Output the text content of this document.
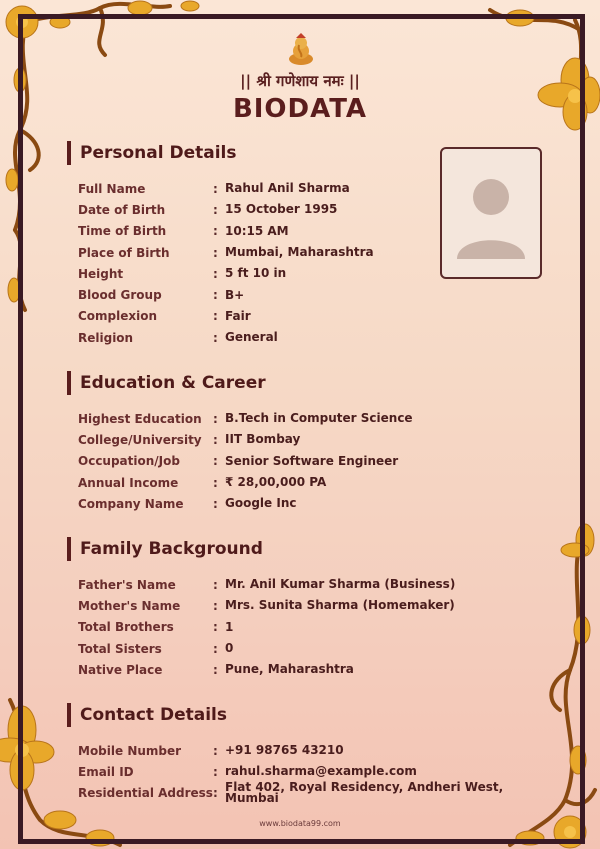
|| श्री गणेशाय नमः ||
BIODATA
Personal Details
Full Name	: Rahul Anil Sharma
Date of Birth	: 15 October 1995
Time of Birth	: 10:15 AM
Place of Birth	: Mumbai, Maharashtra
Height	: 5 ft 10 in
Blood Group	: B+
Complexion	: Fair
Religion	: General
Education & Career
Highest Education : B.Tech in Computer Science
College/University : IIT Bombay
Occupation/Job	: Senior Software Engineer
Annual Income	: ₹ 28,00,000 PA
Company Name	: Google Inc
Family Background
Father's Name	: Mr. Anil Kumar Sharma (Business)
Mother's Name	: Mrs. Sunita Sharma (Homemaker)
Total Brothers	: 1
Total Sisters	: 0
Native Place	: Pune, Maharashtra
Contact Details
Mobile Number	: +91 98765 43210
Email ID	: rahul.sharma@example.com
Residential Address : Flat 402, Royal Residency, Andheri West, Mumbai
www.biodata99.com
